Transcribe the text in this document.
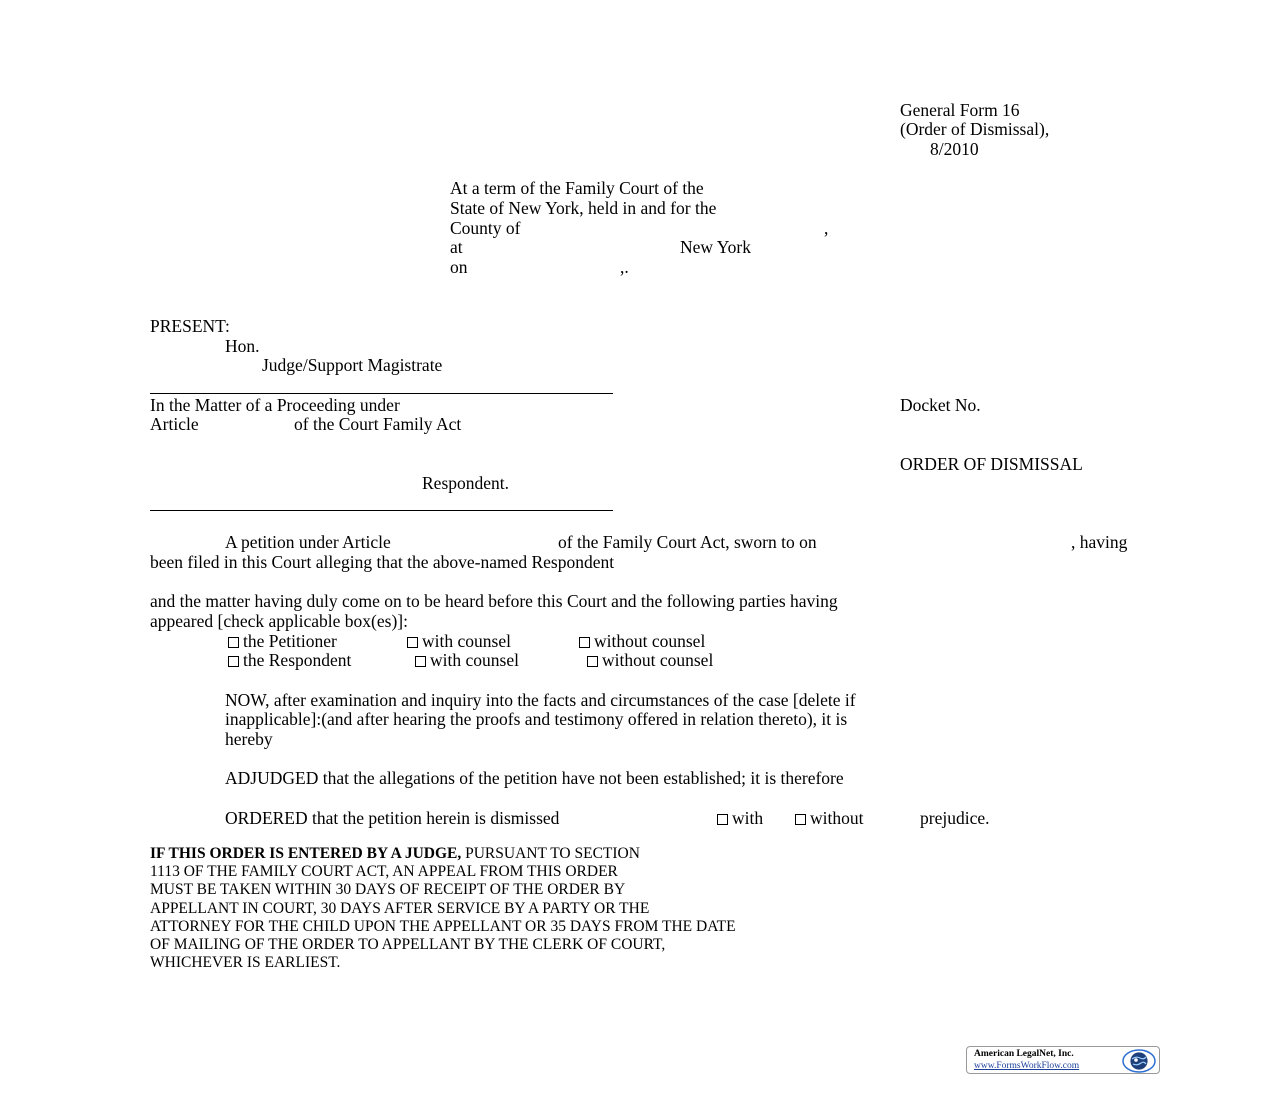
General Form 16
(Order of Dismissal),
8/2010
At a term of the Family Court of the
State of New York, held in and for the
County of	,
at	New York
on	,.
PRESENT:
Hon.
Judge/Support Magistrate
In the Matter of a Proceeding under
Article	of the Court Family Act
Respondent.
Docket No.
ORDER OF DISMISSAL
A petition under Article	of the Family Court Act, sworn to on	, having
been filed in this Court alleging that the above-named Respondent
and the matter having duly come on to be heard before this Court and the following parties having
appeared [check applicable box(es)]:
the Petitioner	with counsel	without counsel
the Respondent	with counsel	without counsel
NOW, after examination and inquiry into the facts and circumstances of the case [delete if
inapplicable]:(and after hearing the proofs and testimony offered in relation thereto), it is
hereby
ADJUDGED that the allegations of the petition have not been established; it is therefore
ORDERED that the petition herein is dismissed	with	without	prejudice.
IF THIS ORDER IS ENTERED BY A JUDGE, PURSUANT TO SECTION
1113 OF THE FAMILY COURT ACT, AN APPEAL FROM THIS ORDER
MUST BE TAKEN WITHIN 30 DAYS OF RECEIPT OF THE ORDER BY
APPELLANT IN COURT, 30 DAYS AFTER SERVICE BY A PARTY OR THE
ATTORNEY FOR THE CHILD UPON THE APPELLANT OR 35 DAYS FROM THE DATE
OF MAILING OF THE ORDER TO APPELLANT BY THE CLERK OF COURT,
WHICHEVER IS EARLIEST.
American LegalNet, Inc.
www.FormsWorkFlow.com
